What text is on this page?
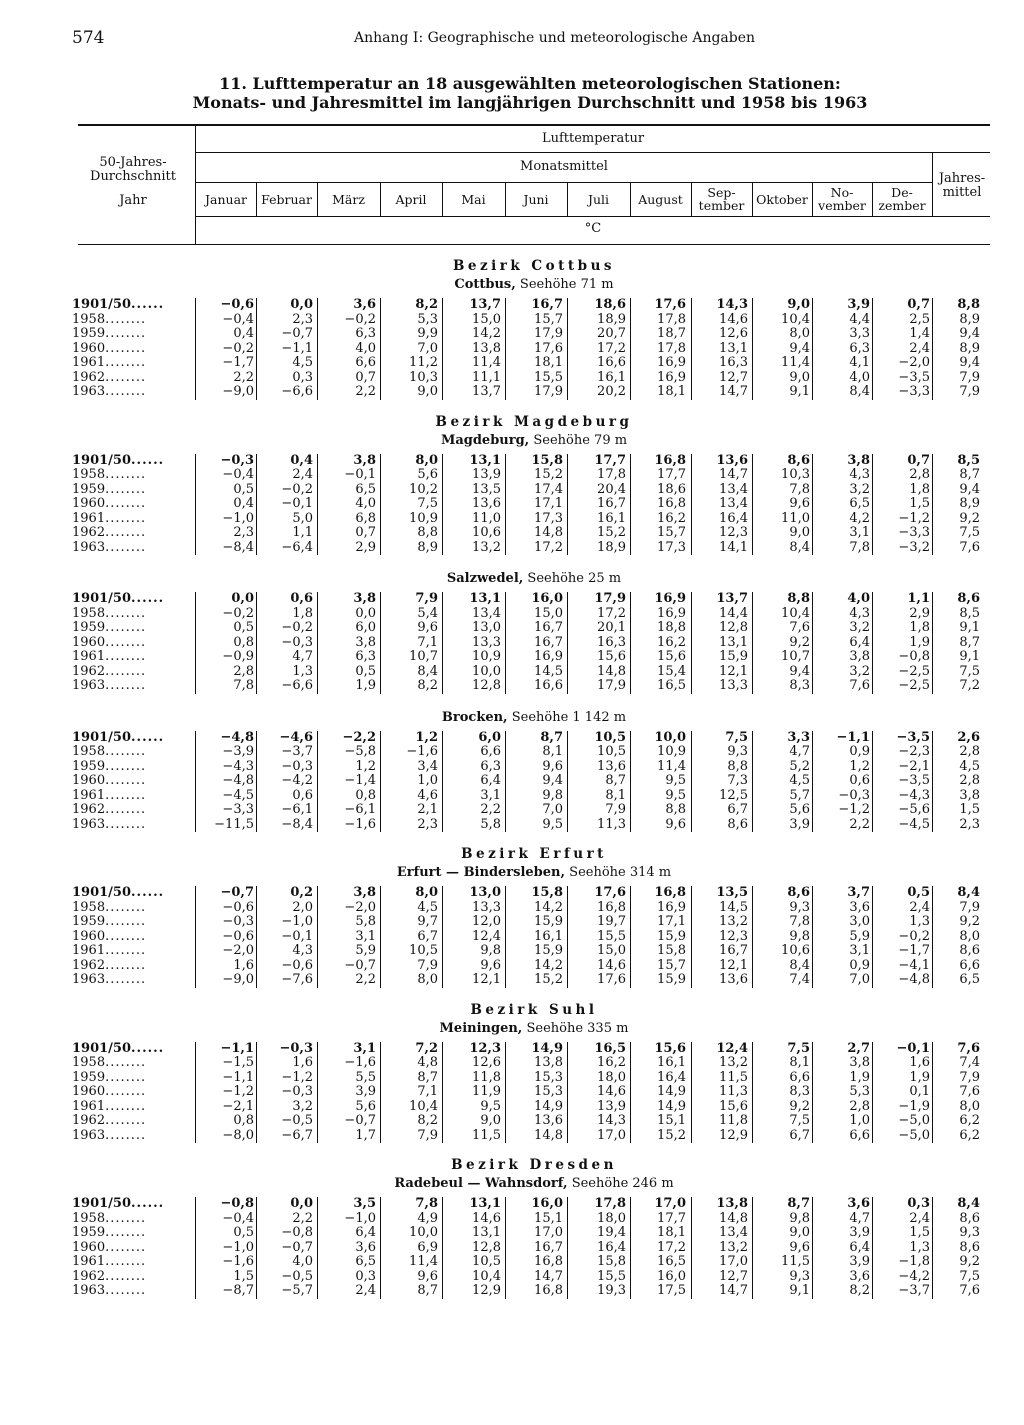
574	Anhang I: Geographische und meteorologische Angaben
11. Lufttemperatur an 18 ausgewählten meteorologischen Stationen:
Monats- und Jahresmittel im langjährigen Durchschnitt und 1958 bis 1963
50-Jahres-
Durchschnitt
Jahr
Lufttemperatur
Monatsmittel
Jahres-
mittel
Januar Februar März April	Mai	Juni	Juli August	Sep-
tember Oktober	No-
vember
De-
zember
°C
Bezirk Cottbus
Cottbus, Seehöhe 71 m
1901/50......	−0,6	0,0	3,6	8,2 13,7 16,7 18,6 17,6 14,3	9,0	3,9	0,7 8,8
1958........	−0,4	2,3 −0,2	5,3	15,0	15,7	18,9 17,8	14,6	10,4	4,4	2,5 8,9
1959........	0,4 −0,7	6,3	9,9	14,2	17,9	20,7 18,7	12,6	8,0	3,3	1,4 9,4
1960........	−0,2 −1,1	4,0	7,0	13,8	17,6	17,2 17,8	13,1	9,4	6,3	2,4 8,9
1961........	−1,7	4,5	6,6	11,2	11,4	18,1	16,6 16,9	16,3	11,4	4,1 −2,0 9,4
1962........	2,2	0,3	0,7	10,3	11,1	15,5	16,1 16,9	12,7	9,0	4,0 −3,5 7,9
1963........	−9,0 −6,6	2,2	9,0	13,7	17,9	20,2 18,1	14,7	9,1	8,4 −3,3 7,9
Bezirk Magdeburg
Magdeburg, Seehöhe 79 m
1901/50......	−0,3	0,4	3,8	8,0 13,1 15,8 17,7 16,8 13,6	8,6	3,8	0,7 8,5
1958........	−0,4	2,4 −0,1	5,6	13,9	15,2	17,8 17,7	14,7	10,3	4,3	2,8 8,7
1959........	0,5 −0,2	6,5	10,2	13,5	17,4	20,4 18,6	13,4	7,8	3,2	1,8 9,4
1960........	0,4 −0,1	4,0	7,5	13,6	17,1	16,7 16,8	13,4	9,6	6,5	1,5 8,9
1961........	−1,0	5,0	6,8	10,9	11,0	17,3	16,1 16,2	16,4	11,0	4,2 −1,2 9,2
1962........	2,3	1,1	0,7	8,8	10,6	14,8	15,2 15,7	12,3	9,0	3,1 −3,3 7,5
1963........	−8,4 −6,4	2,9	8,9	13,2	17,2	18,9 17,3	14,1	8,4	7,8 −3,2 7,6
Salzwedel, Seehöhe 25 m
1901/50......	0,0	0,6	3,8	7,9 13,1 16,0 17,9 16,9 13,7	8,8	4,0	1,1 8,6
1958........	−0,2	1,8	0,0	5,4	13,4	15,0	17,2 16,9	14,4	10,4	4,3	2,9 8,5
1959........	0,5 −0,2	6,0	9,6	13,0	16,7	20,1 18,8	12,8	7,6	3,2	1,8 9,1
1960........	0,8 −0,3	3,8	7,1	13,3	16,7	16,3 16,2	13,1	9,2	6,4	1,9 8,7
1961........	−0,9	4,7	6,3	10,7	10,9	16,9	15,6 15,6	15,9	10,7	3,8 −0,8 9,1
1962........	2,8	1,3	0,5	8,4	10,0	14,5	14,8 15,4	12,1	9,4	3,2 −2,5 7,5
1963........	7,8 −6,6	1,9	8,2	12,8	16,6	17,9 16,5	13,3	8,3	7,6 −2,5 7,2
Brocken, Seehöhe 1 142 m
1901/50......	−4,8 −4,6 −2,2	1,2	6,0	8,7 10,5 10,0	7,5	3,3 −1,1 −3,5 2,6
1958........	−3,9 −3,7 −5,8 −1,6	6,6	8,1	10,5 10,9	9,3	4,7	0,9 −2,3 2,8
1959........	−4,3 −0,3	1,2	3,4	6,3	9,6	13,6 11,4	8,8	5,2	1,2 −2,1 4,5
1960........	−4,8 −4,2 −1,4	1,0	6,4	9,4	8,7	9,5	7,3	4,5	0,6 −3,5 2,8
1961........	−4,5	0,6	0,8	4,6	3,1	9,8	8,1	9,5	12,5	5,7 −0,3 −4,3 3,8
1962........	−3,3 −6,1 −6,1	2,1	2,2	7,0	7,9	8,8	6,7	5,6 −1,2 −5,6 1,5
1963........	−11,5 −8,4 −1,6	2,3	5,8	9,5	11,3	9,6	8,6	3,9	2,2 −4,5 2,3
Bezirk Erfurt
Erfurt — Bindersleben, Seehöhe 314 m
1901/50......	−0,7	0,2	3,8	8,0 13,0 15,8 17,6 16,8 13,5	8,6	3,7	0,5 8,4
1958........	−0,6	2,0 −2,0	4,5	13,3	14,2	16,8 16,9	14,5	9,3	3,6	2,4 7,9
1959........	−0,3 −1,0	5,8	9,7	12,0	15,9	19,7 17,1	13,2	7,8	3,0	1,3 9,2
1960........	−0,6 −0,1	3,1	6,7	12,4	16,1	15,5 15,9	12,3	9,8	5,9 −0,2 8,0
1961........	−2,0	4,3	5,9	10,5	9,8	15,9	15,0 15,8	16,7	10,6	3,1 −1,7 8,6
1962........	1,6 −0,6 −0,7	7,9	9,6	14,2	14,6 15,7	12,1	8,4	0,9 −4,1 6,6
1963........	−9,0 −7,6	2,2	8,0	12,1	15,2	17,6 15,9	13,6	7,4	7,0 −4,8 6,5
Bezirk Suhl
Meiningen, Seehöhe 335 m
1901/50......	−1,1 −0,3	3,1	7,2 12,3 14,9 16,5 15,6 12,4	7,5	2,7 −0,1 7,6
1958........	−1,5	1,6 −1,6	4,8	12,6	13,8	16,2 16,1	13,2	8,1	3,8	1,6 7,4
1959........	−1,1 −1,2	5,5	8,7	11,8	15,3	18,0 16,4	11,5	6,6	1,9	1,9 7,9
1960........	−1,2 −0,3	3,9	7,1	11,9	15,3	14,6 14,9	11,3	8,3	5,3	0,1 7,6
1961........	−2,1	3,2	5,6	10,4	9,5	14,9	13,9 14,9	15,6	9,2	2,8 −1,9 8,0
1962........	0,8 −0,5 −0,7	8,2	9,0	13,6	14,3 15,1	11,8	7,5	1,0 −5,0 6,2
1963........	−8,0 −6,7	1,7	7,9	11,5	14,8	17,0 15,2	12,9	6,7	6,6 −5,0 6,2
Bezirk Dresden
Radebeul — Wahnsdorf, Seehöhe 246 m
1901/50......	−0,8	0,0	3,5	7,8 13,1 16,0 17,8 17,0 13,8	8,7	3,6	0,3 8,4
1958........	−0,4	2,2 −1,0	4,9	14,6	15,1	18,0 17,7	14,8	9,8	4,7	2,4 8,6
1959........	0,5 −0,8	6,4	10,0	13,1	17,0	19,4 18,1	13,4	9,0	3,9	1,5 9,3
1960........	−1,0 −0,7	3,6	6,9	12,8	16,7	16,4 17,2	13,2	9,6	6,4	1,3 8,6
1961........	−1,6	4,0	6,5	11,4	10,5	16,8	15,8 16,5	17,0	11,5	3,9 −1,8 9,2
1962........	1,5 −0,5	0,3	9,6	10,4	14,7	15,5 16,0	12,7	9,3	3,6 −4,2 7,5
1963........	−8,7 −5,7	2,4	8,7	12,9	16,8	19,3 17,5	14,7	9,1	8,2 −3,7 7,6
